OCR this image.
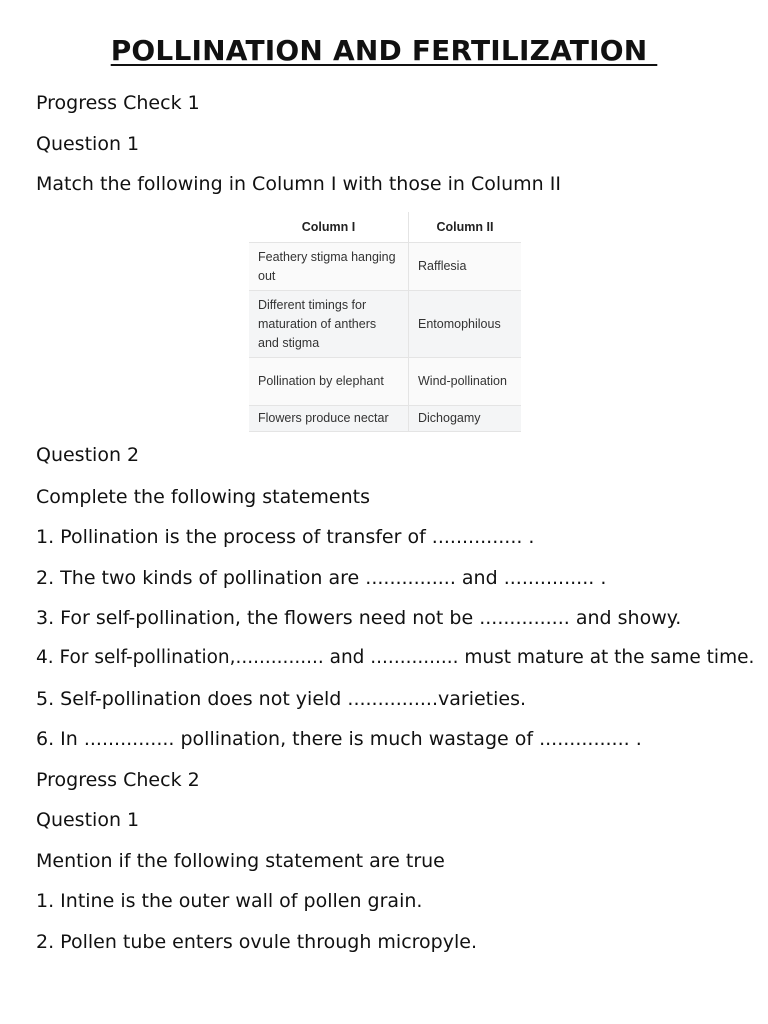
POLLINATION AND FERTILIZATION
Progress Check 1
Question 1
Match the following in Column I with those in Column II
Column I	Column II
Feathery stigma hanging out	Rafflesia
Different timings for maturation of anthers and stigma	Entomophilous
Pollination by elephant	Wind-pollination
Flowers produce nectar	Dichogamy
Question 2
Complete the following statements
1. Pollination is the process of transfer of ............... .
2. The two kinds of pollination are ............... and ............... .
3. For self-pollination, the flowers need not be ............... and showy.
4. For self-pollination,............... and ............... must mature at the same time.
5. Self-pollination does not yield ...............varieties.
6. In ............... pollination, there is much wastage of ............... .
Progress Check 2
Question 1
Mention if the following statement are true
1. Intine is the outer wall of pollen grain.
2. Pollen tube enters ovule through micropyle.
